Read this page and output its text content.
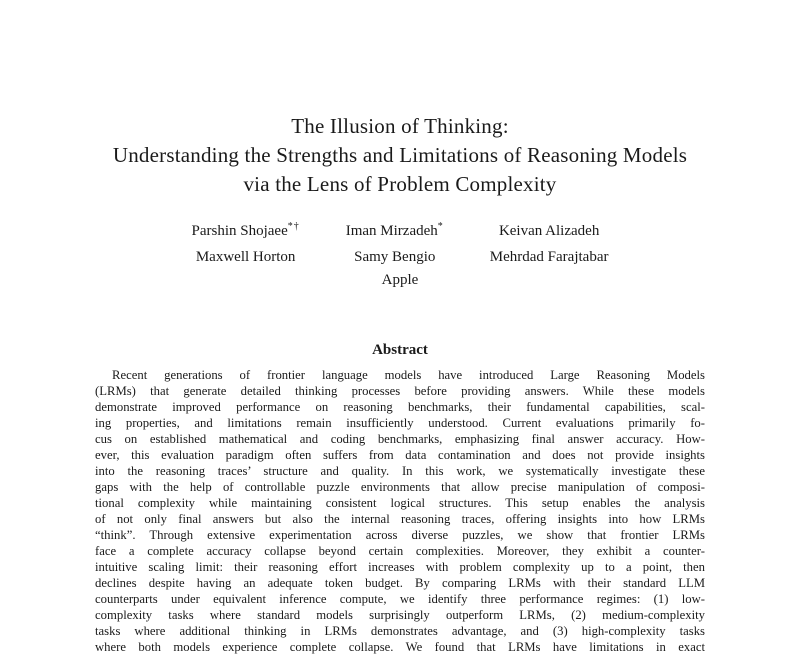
The Illusion of Thinking:
Understanding the Strengths and Limitations of Reasoning Models
via the Lens of Problem Complexity
Parshin Shojaee*†
Maxwell Horton
Iman Mirzadeh*
Samy Bengio
Keivan Alizadeh
Mehrdad Farajtabar
Apple
Abstract
Recent generations of frontier language models have introduced Large Reasoning Models
(LRMs) that generate detailed thinking processes before providing answers. While these models
demonstrate improved performance on reasoning benchmarks, their fundamental capabilities, scal-
ing properties, and limitations remain insufficiently understood. Current evaluations primarily fo-
cus on established mathematical and coding benchmarks, emphasizing final answer accuracy. How-
ever, this evaluation paradigm often suffers from data contamination and does not provide insights
into the reasoning traces’ structure and quality. In this work, we systematically investigate these
gaps with the help of controllable puzzle environments that allow precise manipulation of composi-
tional complexity while maintaining consistent logical structures. This setup enables the analysis
of not only final answers but also the internal reasoning traces, offering insights into how LRMs
“think”. Through extensive experimentation across diverse puzzles, we show that frontier LRMs
face a complete accuracy collapse beyond certain complexities. Moreover, they exhibit a counter-
intuitive scaling limit: their reasoning effort increases with problem complexity up to a point, then
declines despite having an adequate token budget. By comparing LRMs with their standard LLM
counterparts under equivalent inference compute, we identify three performance regimes: (1) low-
complexity tasks where standard models surprisingly outperform LRMs, (2) medium-complexity
tasks where additional thinking in LRMs demonstrates advantage, and (3) high-complexity tasks
where both models experience complete collapse. We found that LRMs have limitations in exact
